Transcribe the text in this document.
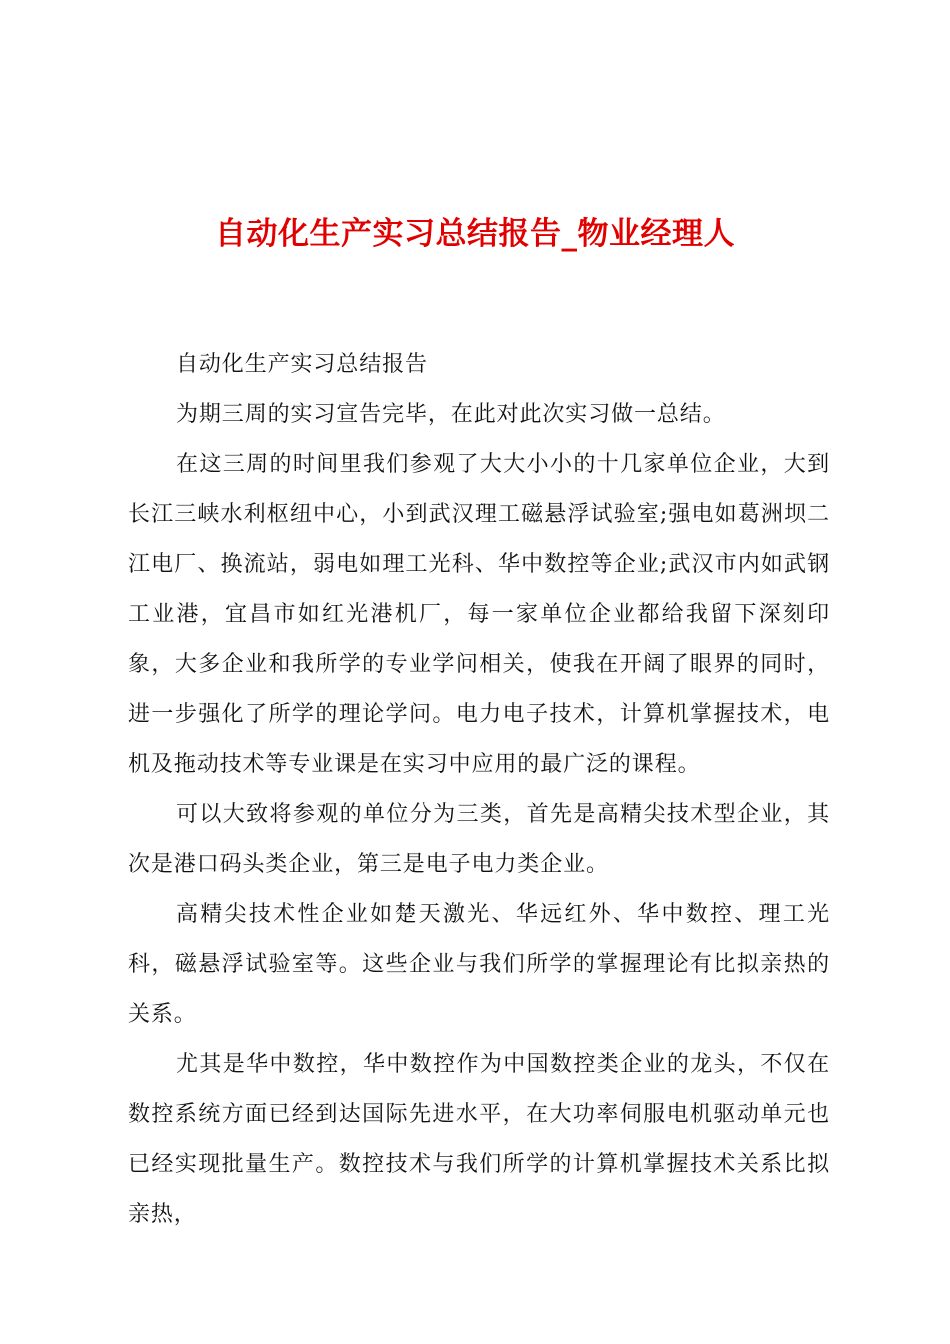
自动化生产实习总结报告_物业经理人

自动化生产实习总结报告

为期三周的实习宣告完毕，在此对此次实习做一总结。

在这三周的时间里我们参观了大大小小的十几家单位企业，大到长江三峡水利枢纽中心，小到武汉理工磁悬浮试验室;强电如葛洲坝二江电厂、换流站，弱电如理工光科、华中数控等企业;武汉市内如武钢工业港，宜昌市如红光港机厂，每一家单位企业都给我留下深刻印象，大多企业和我所学的专业学问相关，使我在开阔了眼界的同时，进一步强化了所学的理论学问。电力电子技术，计算机掌握技术，电机及拖动技术等专业课是在实习中应用的最广泛的课程。

可以大致将参观的单位分为三类，首先是高精尖技术型企业，其次是港口码头类企业，第三是电子电力类企业。

高精尖技术性企业如楚天激光、华远红外、华中数控、理工光科，磁悬浮试验室等。这些企业与我们所学的掌握理论有比拟亲热的关系。

尤其是华中数控，华中数控作为中国数控类企业的龙头，不仅在数控系统方面已经到达国际先进水平，在大功率伺服电机驱动单元也已经实现批量生产。数控技术与我们所学的计算机掌握技术关系比拟亲热，
